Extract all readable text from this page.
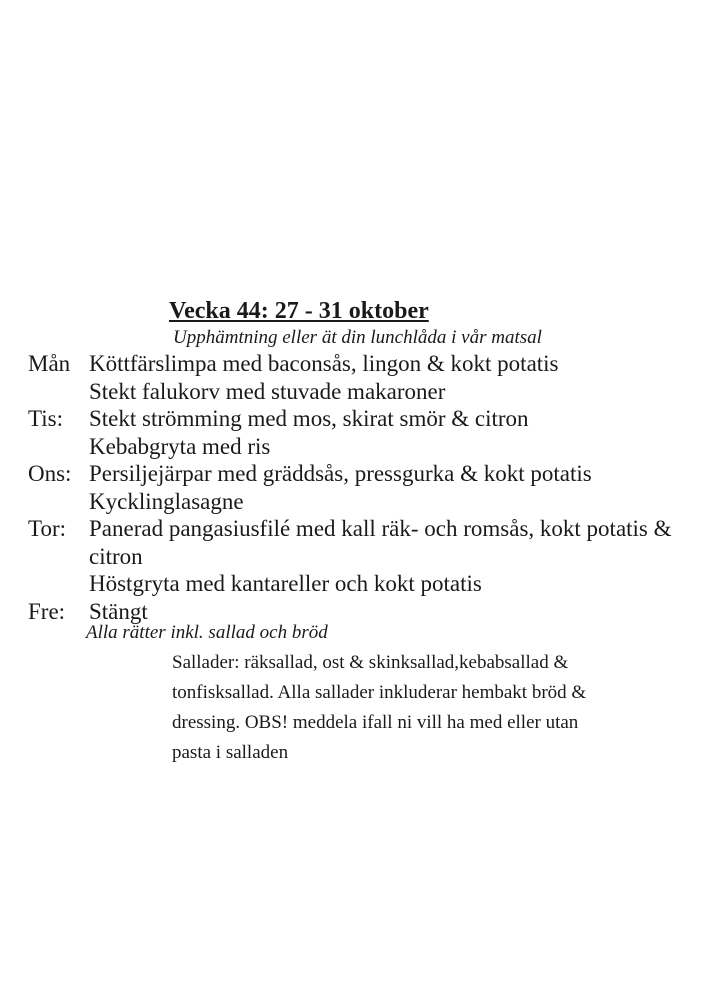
Vecka 44: 27 - 31 oktober
Upphämtning eller ät din lunchlåda i vår matsal
Mån Köttfärslimpa med baconsås, lingon & kokt potatis
Stekt falukorv med stuvade makaroner
Tis:	Stekt strömming med mos, skirat smör & citron
Kebabgryta med ris
Ons: Persiljejärpar med gräddsås, pressgurka & kokt potatis
Kycklinglasagne
Tor:	Panerad pangasiusfilé med kall räk- och romsås, kokt potatis & citron
Höstgryta med kantareller och kokt potatis
Fre:	Stängt
Alla rätter inkl. sallad och bröd
Sallader: räksallad, ost & skinksallad,kebabsallad &
tonfisksallad. Alla sallader inkluderar hembakt bröd &
dressing. OBS! meddela ifall ni vill ha med eller utan
pasta i salladen
